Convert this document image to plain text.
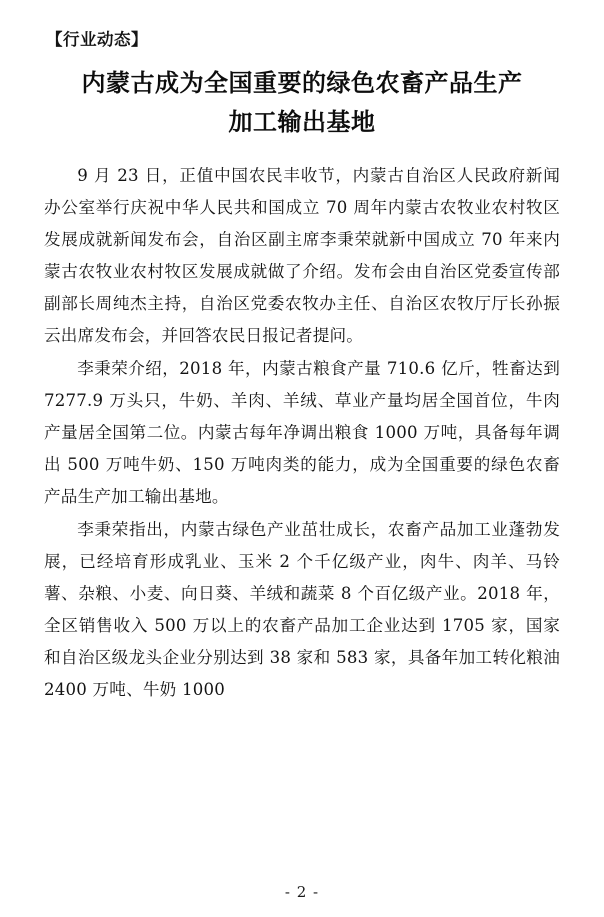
【行业动态】
内蒙古成为全国重要的绿色农畜产品生产
加工输出基地

9 月 23 日，正值中国农民丰收节，内蒙古自治区人民政府新闻办公室举行庆祝中华人民共和国成立 70 周年内蒙古农牧业农村牧区发展成就新闻发布会，自治区副主席李秉荣就新中国成立 70 年来内蒙古农牧业农村牧区发展成就做了介绍。发布会由自治区党委宣传部副部长周纯杰主持，自治区党委农牧办主任、自治区农牧厅厅长孙振云出席发布会，并回答农民日报记者提问。

李秉荣介绍，2018 年，内蒙古粮食产量 710.6 亿斤，牲畜达到 7277.9 万头只，牛奶、羊肉、羊绒、草业产量均居全国首位，牛肉产量居全国第二位。内蒙古每年净调出粮食 1000 万吨，具备每年调出 500 万吨牛奶、150 万吨肉类的能力，成为全国重要的绿色农畜产品生产加工输出基地。

李秉荣指出，内蒙古绿色产业茁壮成长，农畜产品加工业蓬勃发展，已经培育形成乳业、玉米 2 个千亿级产业，肉牛、肉羊、马铃薯、杂粮、小麦、向日葵、羊绒和蔬菜 8 个百亿级产业。2018 年，全区销售收入 500 万以上的农畜产品加工企业达到 1705 家，国家和自治区级龙头企业分别达到 38 家和 583 家，具备年加工转化粮油 2400 万吨、牛奶 1000

- 2 -
